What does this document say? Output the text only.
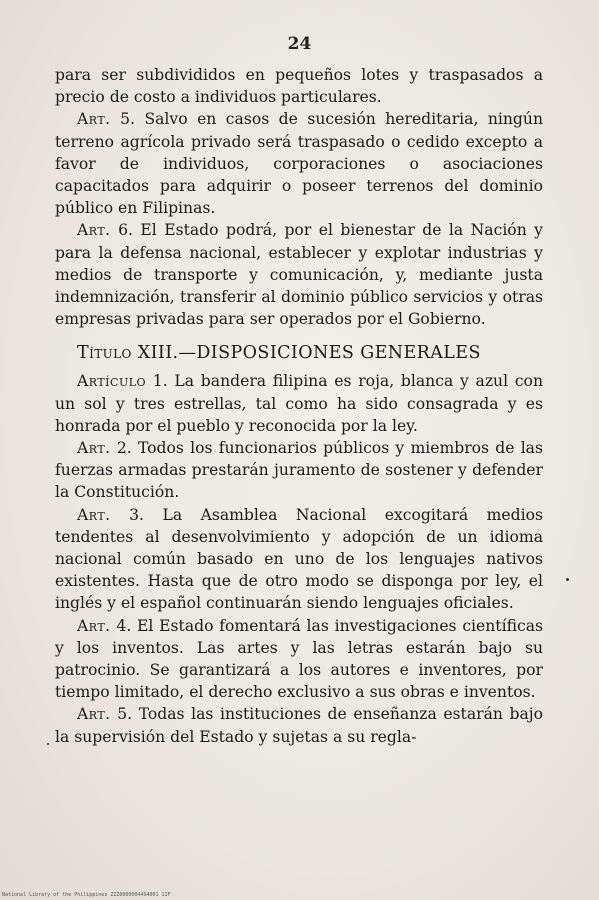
24

para ser subdivididos en pequeños lotes y traspasados a precio de costo a individuos particulares.

Art. 5. Salvo en casos de sucesión hereditaria, ningún terreno agrícola privado será traspasado o cedido excepto a favor de individuos, corporaciones o asociaciones capacitados para adquirir o poseer terrenos del dominio público en Filipinas.

Art. 6. El Estado podrá, por el bienestar de la Nación y para la defensa nacional, establecer y explotar industrias y medios de transporte y comunicación, y, mediante justa indemnización, transferir al dominio público servicios y otras empresas privadas para ser operados por el Gobierno.

Título XIII.—DISPOSICIONES GENERALES

Artículo 1. La bandera filipina es roja, blanca y azul con un sol y tres estrellas, tal como ha sido consagrada y es honrada por el pueblo y reconocida por la ley.

Art. 2. Todos los funcionarios públicos y miembros de las fuerzas armadas prestarán juramento de sostener y defender la Constitución.

Art. 3. La Asamblea Nacional excogitará medios tendentes al desenvolvimiento y adopción de un idioma nacional común basado en uno de los lenguajes nativos existentes. Hasta que de otro modo se disponga por ley, el inglés y el español continuarán siendo lenguajes oficiales.

Art. 4. El Estado fomentará las investigaciones científicas y los inventos. Las artes y las letras estarán bajo su patrocinio. Se garantizará a los autores e inventores, por tiempo limitado, el derecho exclusivo a sus obras e inventos.

Art. 5. Todas las instituciones de enseñanza estarán bajo la supervisión del Estado y sujetas a su regla-

National Library of the Philippines ZZZ0000004494001 11F
